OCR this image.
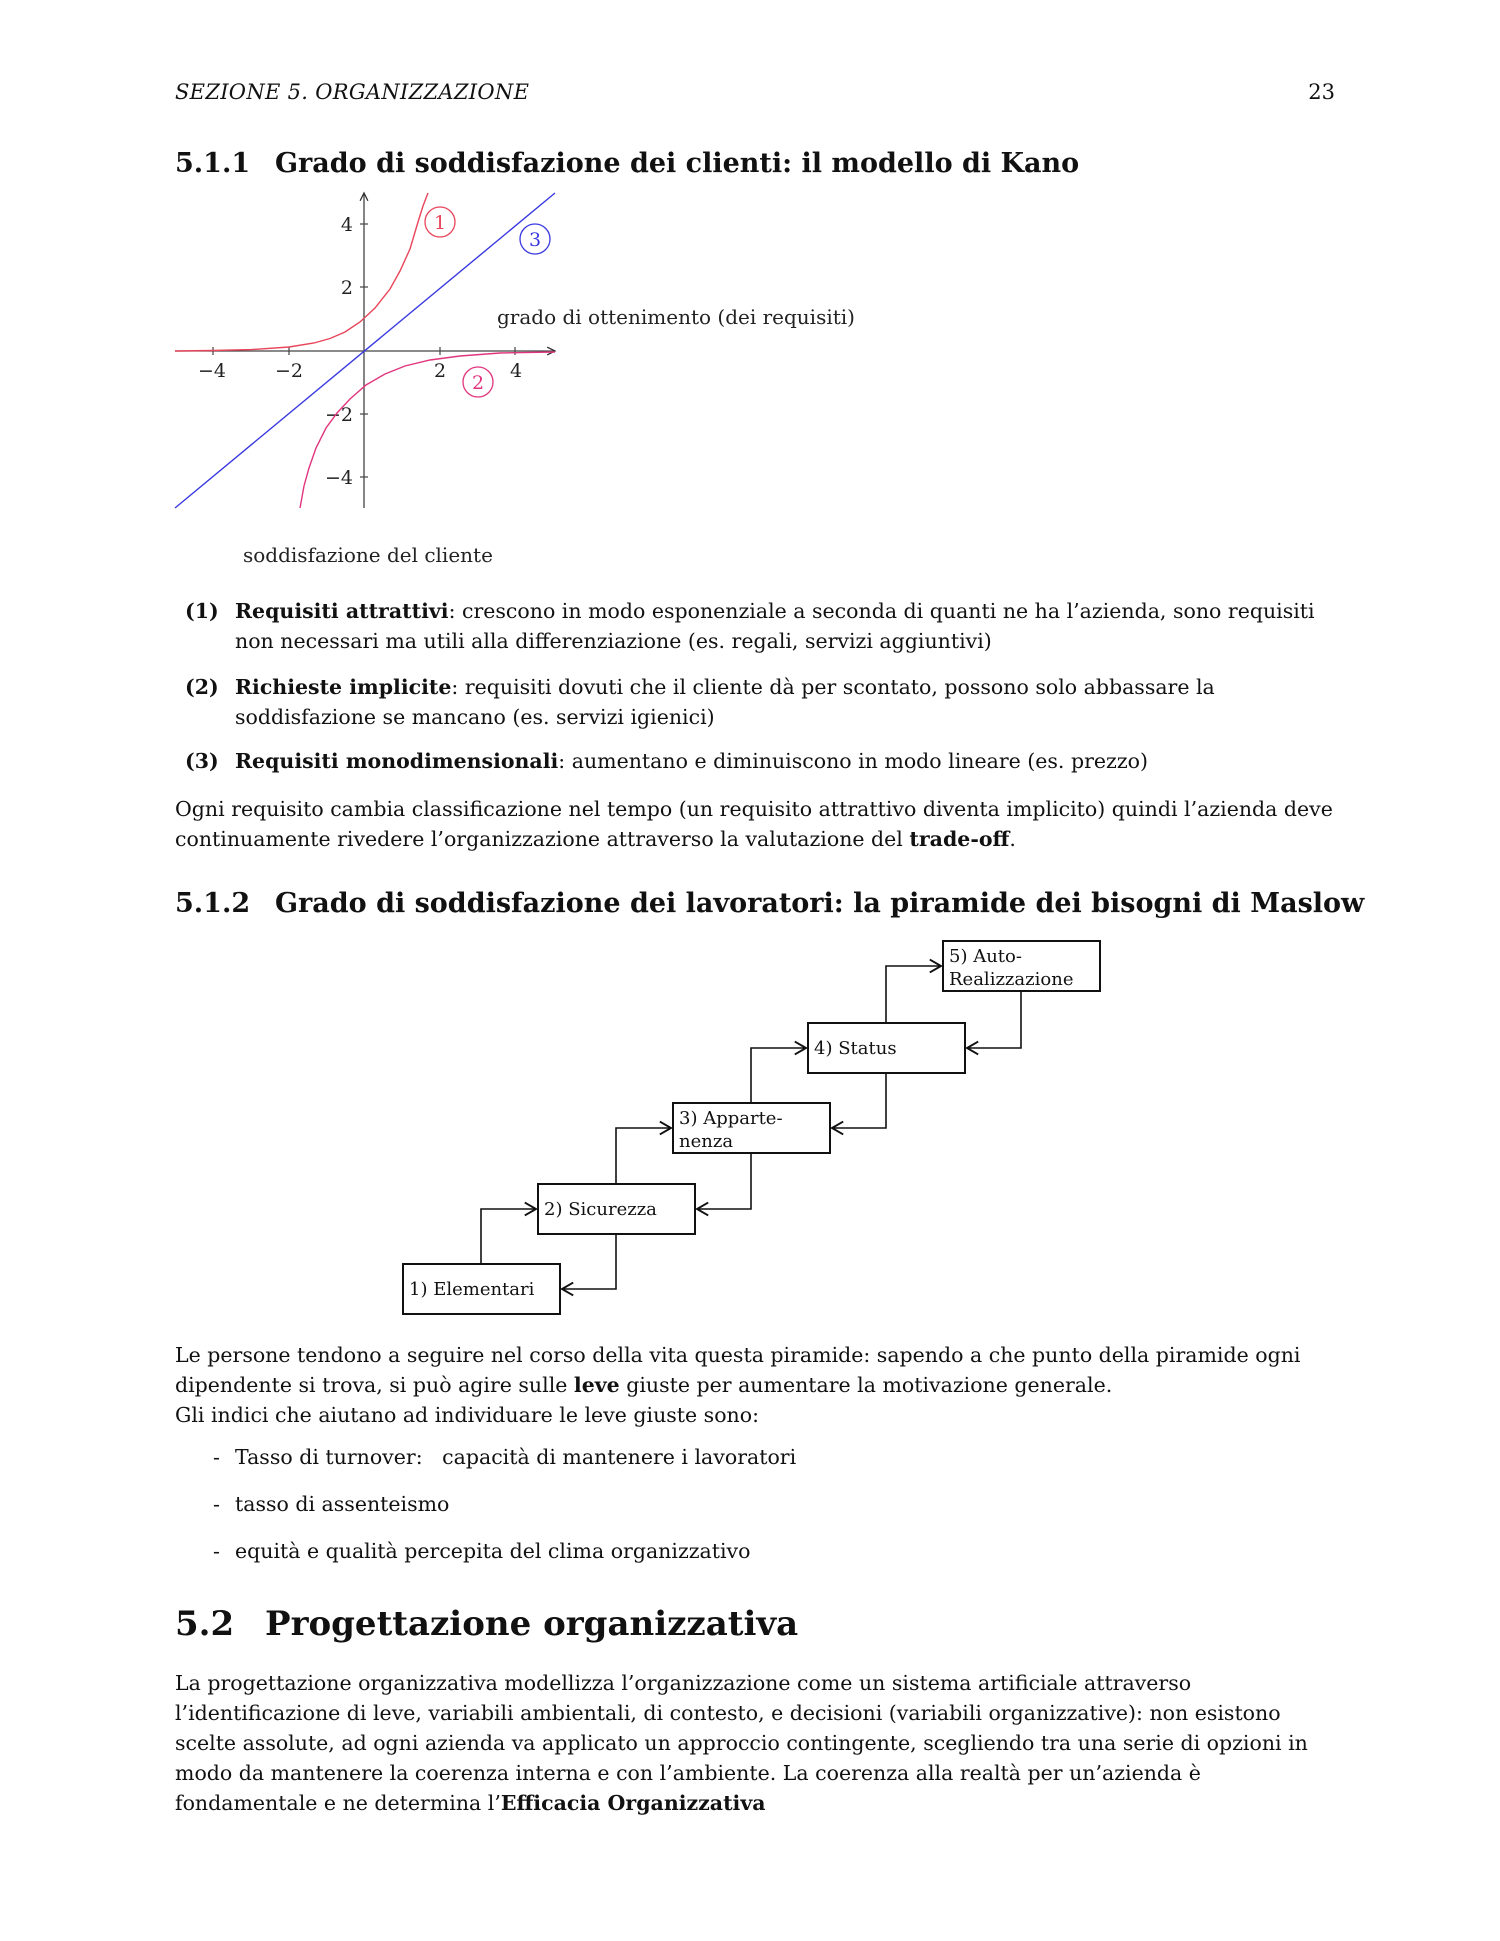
SEZIONE 5. ORGANIZZAZIONE	23
5.1.1 Grado di soddisfazione dei clienti: il modello di Kano
−4	−2	2	4
4
2
−2
−4
1
2
3
grado di ottenimento (dei requisiti)
soddisfazione del cliente
(1) Requisiti attrattivi: crescono in modo esponenziale a seconda di quanti ne ha l’azienda, sono requisiti non necessari ma utili alla differenziazione (es. regali, servizi aggiuntivi)
(2) Richieste implicite: requisiti dovuti che il cliente dà per scontato, possono solo abbassare la soddisfazione se mancano (es. servizi igienici)
(3) Requisiti monodimensionali: aumentano e diminuiscono in modo lineare (es. prezzo)
Ogni requisito cambia classificazione nel tempo (un requisito attrattivo diventa implicito) quindi l’azienda deve continuamente rivedere l’organizzazione attraverso la valutazione del trade-off.
5.1.2 Grado di soddisfazione dei lavoratori: la piramide dei bisogni di Maslow
1) Elementari
2) Sicurezza
3) Apparte-
nenza
4) Status
5) Auto-
Realizzazione
Le persone tendono a seguire nel corso della vita questa piramide: sapendo a che punto della piramide ogni dipendente si trova, si può agire sulle leve giuste per aumentare la motivazione generale.
Gli indici che aiutano ad individuare le leve giuste sono:
- Tasso di turnover:   capacità di mantenere i lavoratori
- tasso di assenteismo
- equità e qualità percepita del clima organizzativo
5.2 Progettazione organizzativa
La progettazione organizzativa modellizza l’organizzazione come un sistema artificiale attraverso l’identificazione di leve, variabili ambientali, di contesto, e decisioni (variabili organizzative): non esistono scelte assolute, ad ogni azienda va applicato un approccio contingente, scegliendo tra una serie di opzioni in modo da mantenere la coerenza interna e con l’ambiente. La coerenza alla realtà per un’azienda è fondamentale e ne determina l’Efficacia Organizzativa
